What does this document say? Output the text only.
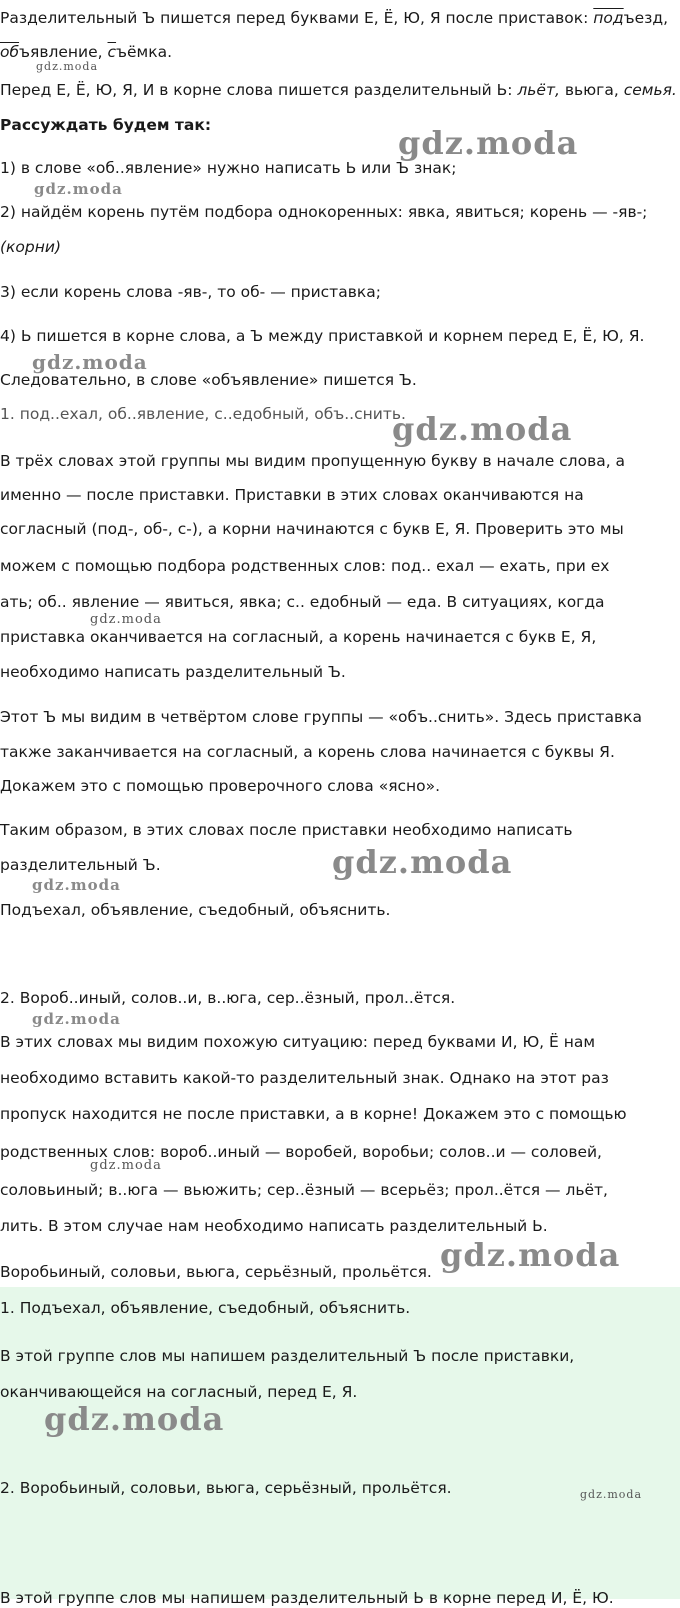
Разделительный Ъ пишется перед буквами Е, Ё, Ю, Я после приставок: подъезд,

объявление, съёмка.

gdz.moda

Перед Е, Ё, Ю, Я, И в корне слова пишется разделительный Ь: льёт, вьюга, семья.

Рассуждать будем так:	gdz.moda

1) в слове «об..явление» нужно написать Ь или Ъ знак;

gdz.moda

2) найдём корень путём подбора однокоренных: явка, явиться; корень — -яв-;

(корни)

3) если корень слова -яв-, то об- — приставка;

4) Ь пишется в корне слова, а Ъ между приставкой и корнем перед Е, Ё, Ю, Я.

gdz.moda

Следовательно, в слове «объявление» пишется Ъ.

1. под..ехал, об..явление, с..едобный, объ..снить.

gdz.moda

В трёх словах этой группы мы видим пропущенную букву в начале слова, а

именно — после приставки. Приставки в этих словах оканчиваются на

согласный (под-, об-, с-), а корни начинаются с букв Е, Я. Проверить это мы

можем с помощью подбора родственных слов: под.. ехал — ехать, при ех

ать; об.. явление — явиться, явка; с.. едобный — еда. В ситуациях, когда

gdz.moda

приставка оканчивается на согласный, а корень начинается с букв Е, Я,

необходимо написать разделительный Ъ.

Этот Ъ мы видим в четвёртом слове группы — «объ..снить». Здесь приставка

также заканчивается на согласный, а корень слова начинается с буквы Я.

Докажем это с помощью проверочного слова «ясно».

Таким образом, в этих словах после приставки необходимо написать

разделительный Ъ.	gdz.moda
gdz.moda

Подъехал, объявление, съедобный, объяснить.

2. Вороб..иный, солов..и, в..юга, сер..ёзный, прол..ётся.

gdz.moda

В этих словах мы видим похожую ситуацию: перед буквами И, Ю, Ё нам

необходимо вставить какой-то разделительный знак. Однако на этот раз

пропуск находится не после приставки, а в корне! Докажем это с помощью

родственных слов: вороб..иный — воробей, воробьи; солов..и — соловей,

gdz.moda

соловьиный; в..юга — вьюжить; сер..ёзный — всерьёз; прол..ётся — льёт,

лить. В этом случае нам необходимо написать разделительный Ь.

Воробьиный, соловьи, вьюга, серьёзный, прольётся. gdz.moda

1. Подъехал, объявление, съедобный, объяснить.

В этой группе слов мы напишем разделительный Ъ после приставки,

оканчивающейся на согласный, перед Е, Я.

gdz.moda

2. Воробьиный, соловьи, вьюга, серьёзный, прольётся.	gdz.moda

В этой группе слов мы напишем разделительный Ь в корне перед И, Ё, Ю.
